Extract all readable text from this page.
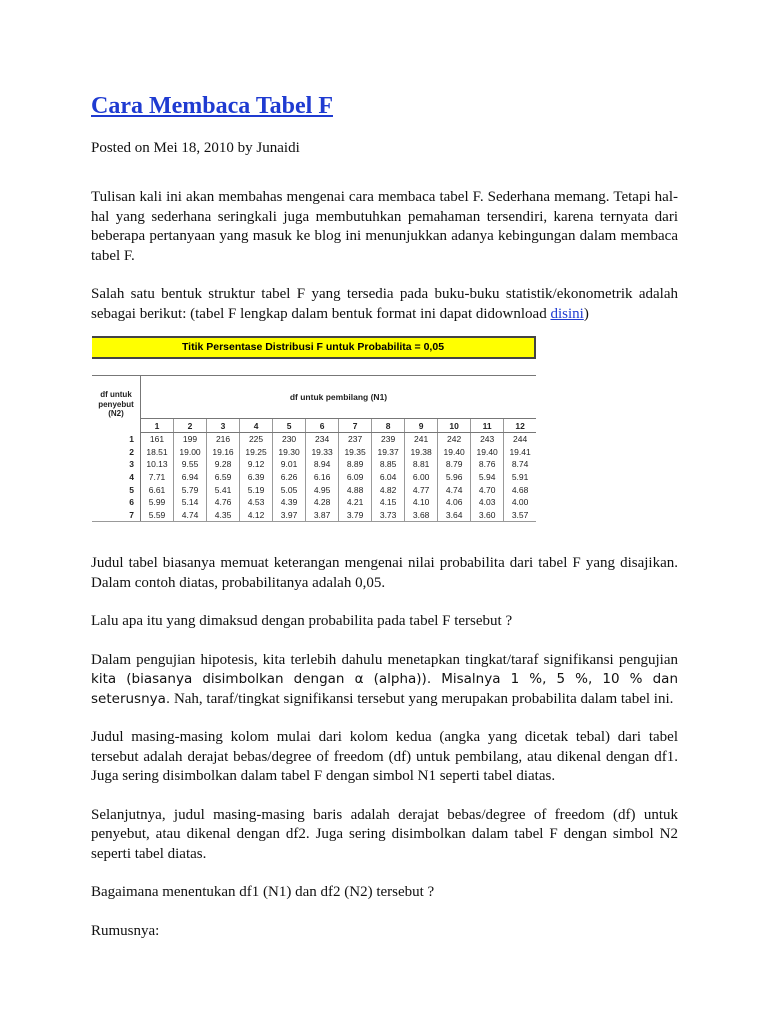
Cara Membaca Tabel F
Posted on Mei 18, 2010 by Junaidi

Tulisan kali ini akan membahas mengenai cara membaca tabel F. Sederhana memang. Tetapi hal-hal yang sederhana seringkali juga membutuhkan pemahaman tersendiri, karena ternyata dari beberapa pertanyaan yang masuk ke blog ini menunjukkan adanya kebingungan dalam membaca tabel F.

Salah satu bentuk struktur tabel F yang tersedia pada buku-buku statistik/ekonometrik adalah sebagai berikut: (tabel F lengkap dalam bentuk format ini dapat didownload disini)

Judul tabel biasanya memuat keterangan mengenai nilai probabilita dari tabel F yang disajikan. Dalam contoh diatas, probabilitanya adalah 0,05.

Lalu apa itu yang dimaksud dengan probabilita pada tabel F tersebut ?

Dalam pengujian hipotesis, kita terlebih dahulu menetapkan tingkat/taraf signifikansi pengujian kita (biasanya disimbolkan dengan α (alpha)). Misalnya 1 %, 5 %, 10 % dan seterusnya. Nah, taraf/tingkat signifikansi tersebut yang merupakan probabilita dalam tabel ini.

Judul masing-masing kolom mulai dari kolom kedua (angka yang dicetak tebal) dari tabel tersebut adalah derajat bebas/degree of freedom (df) untuk pembilang, atau dikenal dengan df1. Juga sering disimbolkan dalam tabel F dengan simbol N1 seperti tabel diatas.

Selanjutnya, judul masing-masing baris adalah derajat bebas/degree of freedom (df) untuk penyebut, atau dikenal dengan df2. Juga sering disimbolkan dalam tabel F dengan simbol N2 seperti tabel diatas.

Bagaimana menentukan df1 (N1) dan df2 (N2) tersebut ?

Rumusnya:

Titik Persentase Distribusi F untuk Probabilita = 0,05
df untuk
penyebut
(N2)	df untuk pembilang (N1)											
	1	2	3	4	5	6	7	8	9	10	11	12
1	161	199	216	225	230	234	237	239	241	242	243	244
2	18.51	19.00	19.16	19.25	19.30	19.33	19.35	19.37	19.38	19.40	19.40	19.41
3	10.13	9.55	9.28	9.12	9.01	8.94	8.89	8.85	8.81	8.79	8.76	8.74
4	7.71	6.94	6.59	6.39	6.26	6.16	6.09	6.04	6.00	5.96	5.94	5.91
5	6.61	5.79	5.41	5.19	5.05	4.95	4.88	4.82	4.77	4.74	4.70	4.68
6	5.99	5.14	4.76	4.53	4.39	4.28	4.21	4.15	4.10	4.06	4.03	4.00
7	5.59	4.74	4.35	4.12	3.97	3.87	3.79	3.73	3.68	3.64	3.60	3.57
